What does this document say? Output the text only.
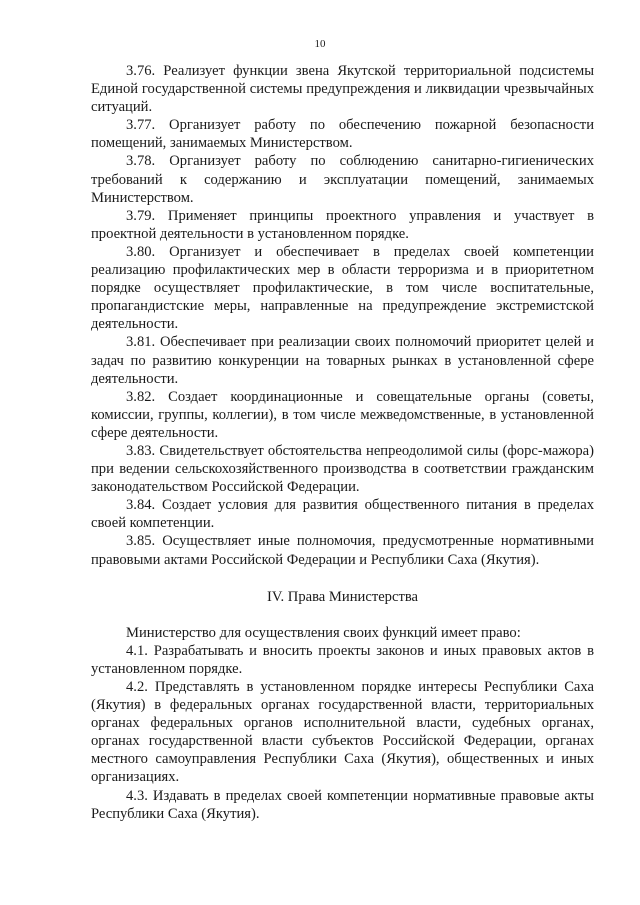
10

3.76. Реализует функции звена Якутской территориальной подсистемы Единой государственной системы предупреждения и ликвидации чрезвычайных ситуаций.

3.77. Организует работу по обеспечению пожарной безопасности помещений, занимаемых Министерством.

3.78. Организует работу по соблюдению санитарно-гигиенических требований к содержанию и эксплуатации помещений, занимаемых Министерством.

3.79. Применяет принципы проектного управления и участвует в проектной деятельности в установленном порядке.

3.80. Организует и обеспечивает в пределах своей компетенции реализацию профилактических мер в области терроризма и в приоритетном порядке осуществляет профилактические, в том числе воспитательные, пропагандистские меры, направленные на предупреждение экстремистской деятельности.

3.81. Обеспечивает при реализации своих полномочий приоритет целей и задач по развитию конкуренции на товарных рынках в установленной сфере деятельности.

3.82. Создает координационные и совещательные органы (советы, комиссии, группы, коллегии), в том числе межведомственные, в установленной сфере деятельности.

3.83. Свидетельствует обстоятельства непреодолимой силы (форс-мажора) при ведении сельскохозяйственного производства в соответствии гражданским законодательством Российской Федерации.

3.84. Создает условия для развития общественного питания в пределах своей компетенции.

3.85. Осуществляет иные полномочия, предусмотренные нормативными правовыми актами Российской Федерации и Республики Саха (Якутия).

IV. Права Министерства

Министерство для осуществления своих функций имеет право:

4.1. Разрабатывать и вносить проекты законов и иных правовых актов в установленном порядке.

4.2. Представлять в установленном порядке интересы Республики Саха (Якутия) в федеральных органах государственной власти, территориальных органах федеральных органов исполнительной власти, судебных органах, органах государственной власти субъектов Российской Федерации, органах местного самоуправления Республики Саха (Якутия), общественных и иных организациях.

4.3. Издавать в пределах своей компетенции нормативные правовые акты Республики Саха (Якутия).
